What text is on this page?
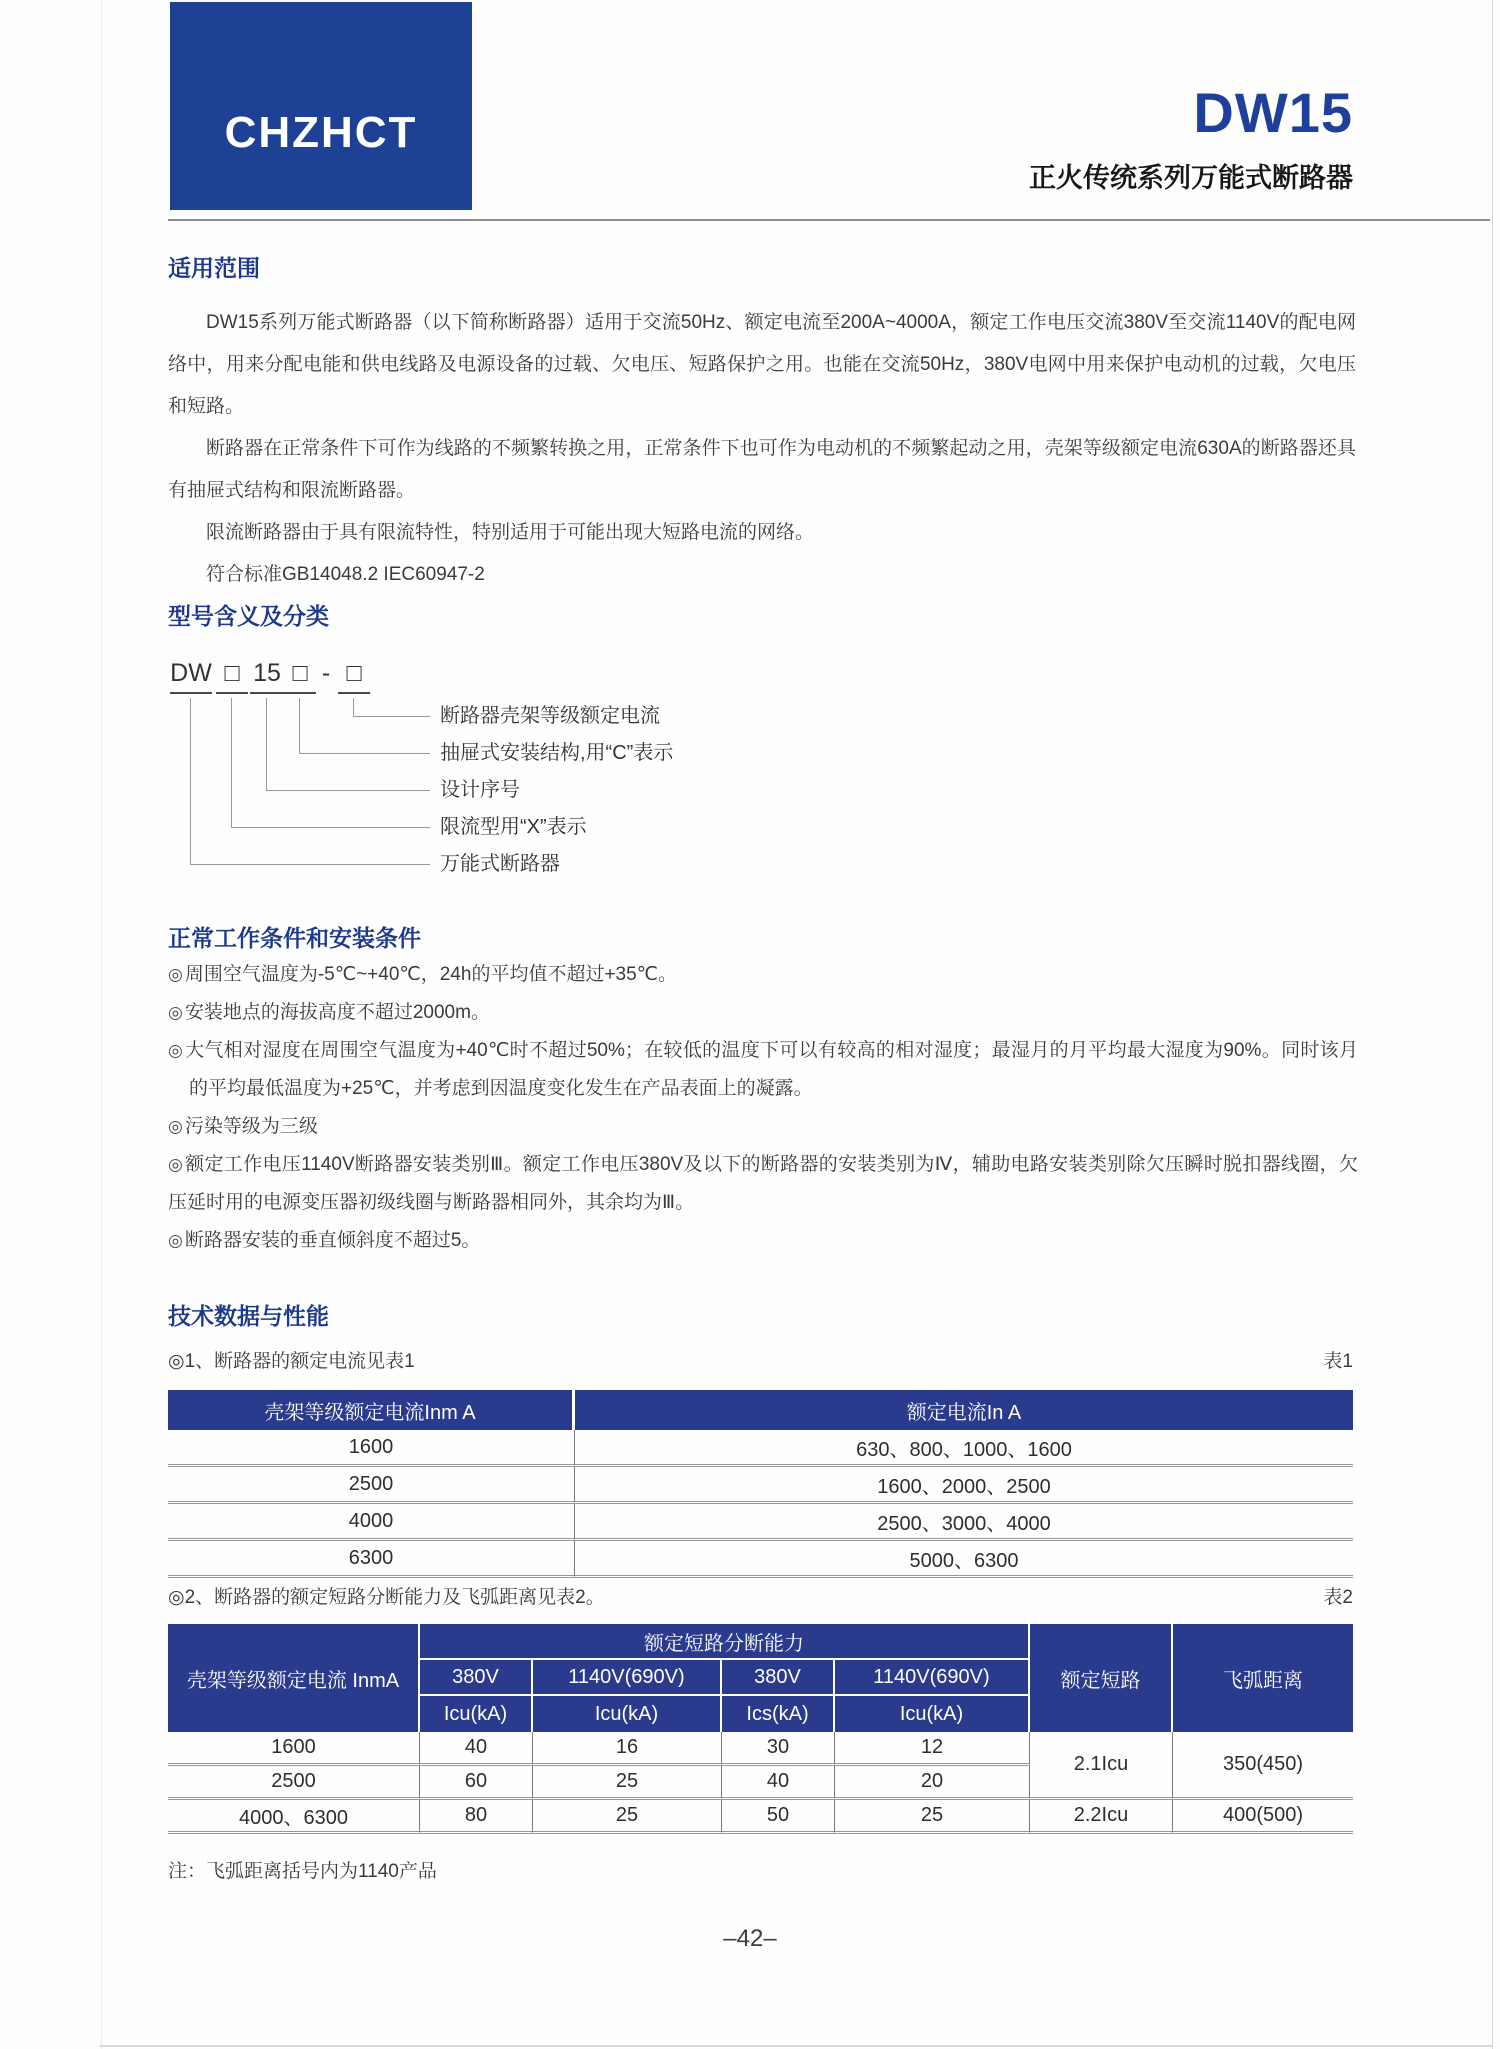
CHZHCT	DW15
正火传统系列万能式断路器
适用范围

DW15系列万能式断路器（以下简称断路器）适用于交流50Hz、额定电流至200A~4000A，额定工作电压交流380V至交流1140V的配电网络中，用来分配电能和供电线路及电源设备的过载、欠电压、短路保护之用。也能在交流50Hz，380V电网中用来保护电动机的过载，欠电压和短路。

断路器在正常条件下可作为线路的不频繁转换之用，正常条件下也可作为电动机的不频繁起动之用，壳架等级额定电流630A的断路器还具有抽屉式结构和限流断路器。

限流断路器由于具有限流特性，特别适用于可能出现大短路电流的网络。

符合标准GB14048.2 IEC60947-2

型号含义及分类
DW □ 15 □ - □
断路器壳架等级额定电流
抽屉式安装结构,用“C”表示
设计序号
限流型用“X”表示
万能式断路器
正常工作条件和安装条件
◎ 周围空气温度为-5℃~+40℃，24h的平均值不超过+35℃。
◎ 安装地点的海拔高度不超过2000m。
◎ 大气相对湿度在周围空气温度为+40℃时不超过50%；在较低的温度下可以有较高的相对湿度；最湿月的月平均最大湿度为90%。同时该月的平均最低温度为+25℃，并考虑到因温度变化发生在产品表面上的凝露。
◎ 污染等级为三级
◎ 额定工作电压1140V断路器安装类别Ⅲ。额定工作电压380V及以下的断路器的安装类别为Ⅳ，辅助电路安装类别除欠压瞬时脱扣器线圈，欠压延时用的电源变压器初级线圈与断路器相同外，其余均为Ⅲ。
◎ 断路器安装的垂直倾斜度不超过5。
技术数据与性能
◎1、断路器的额定电流见表1	表1
壳架等级额定电流Inm A	额定电流In A
1600	630、800、1000、1600
2500	1600、2000、2500
4000	2500、3000、4000
6300	5000、6300
◎2、断路器的额定短路分断能力及飞弧距离见表2。	表2
壳架等级额定电流 InmA
额定短路分断能力
380V	1140V(690V)	380V	1140V(690V)
Icu(kA)	Icu(kA)	Ics(kA)	Icu(kA)
额定短路	飞弧距离
1600	40	16	30	12
2.1Icu	350(450)
2500	60	25	40	20
4000、6300	80	25	50	25	2.2Icu	400(500)
注：飞弧距离括号内为1140产品
–42–
